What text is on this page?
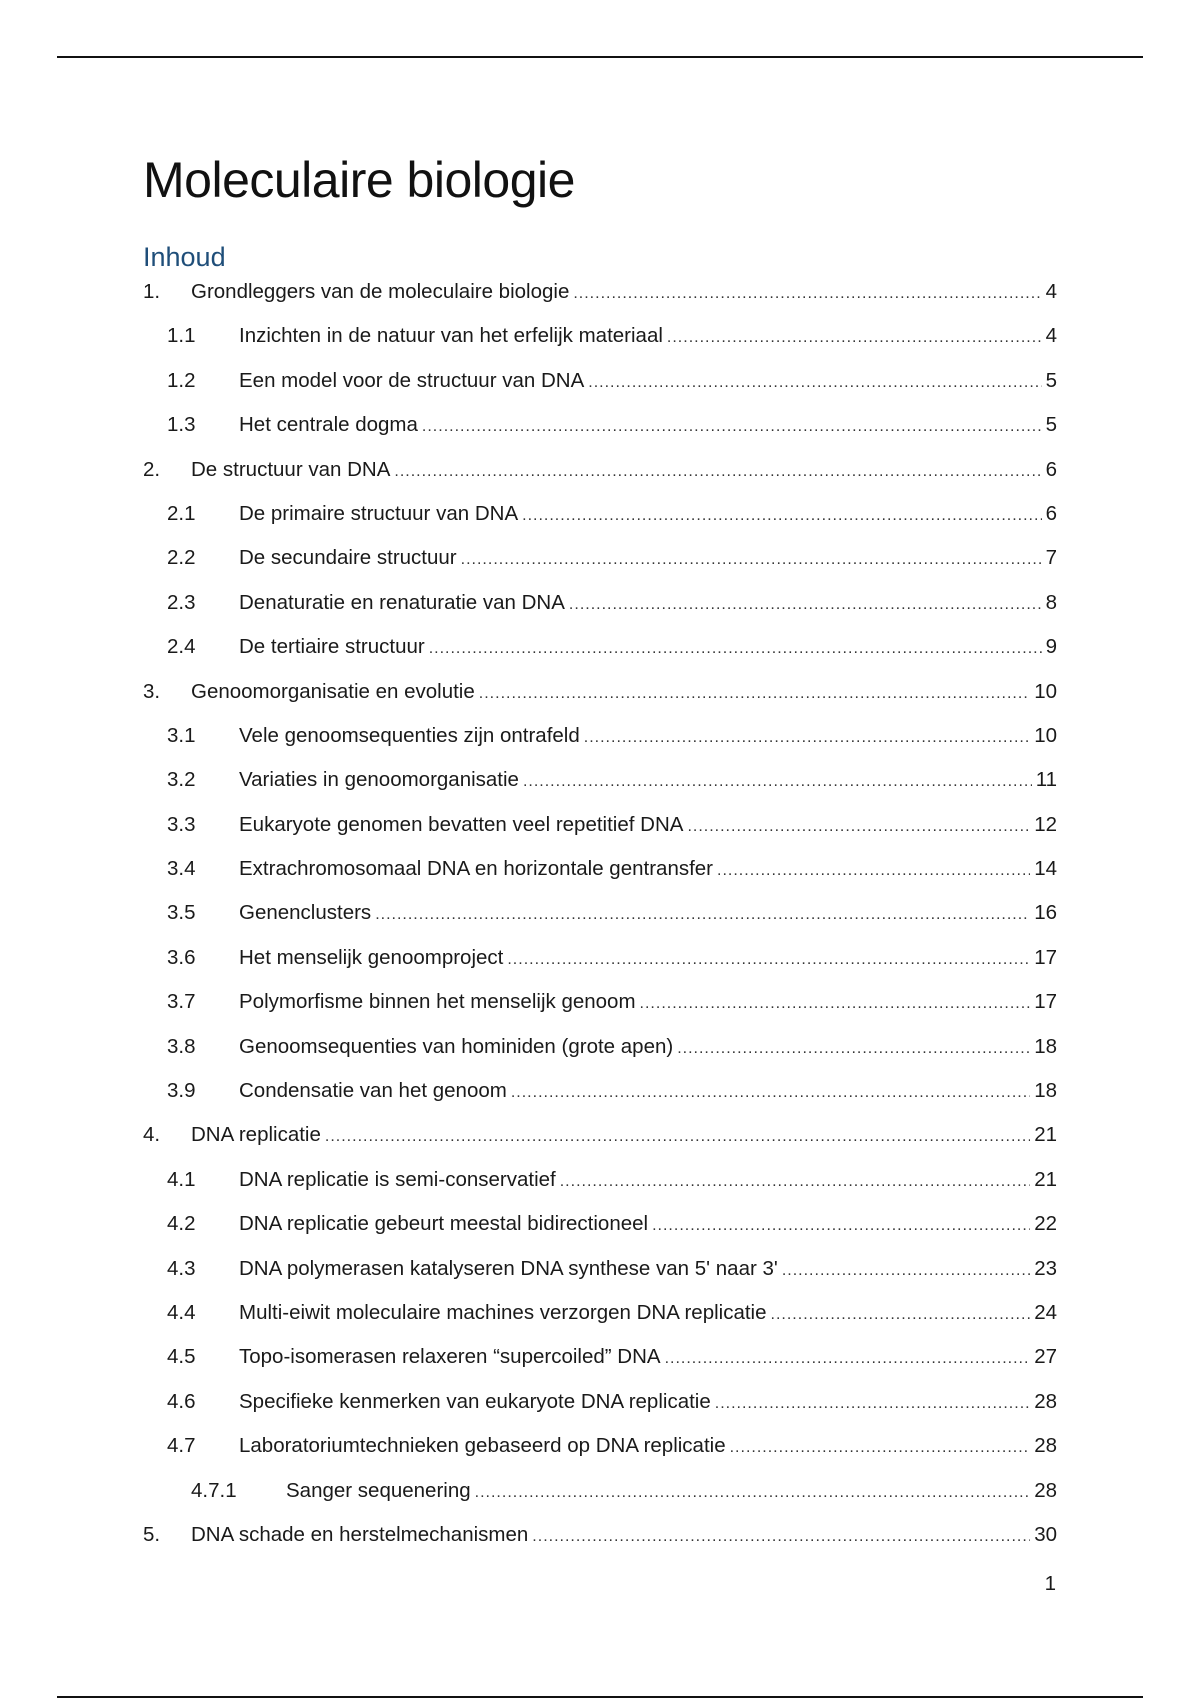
Moleculaire biologie
Inhoud
1.	Grondleggers van de moleculaire biologie .....	4
1.1	Inzichten in de natuur van het erfelijk materiaal .....	4
1.2	Een model voor de structuur van DNA .....	5
1.3	Het centrale dogma .....	5
2.	De structuur van DNA .....	6
2.1	De primaire structuur van DNA .....	6
2.2	De secundaire structuur .....	7
2.3	Denaturatie en renaturatie van DNA .....	8
2.4	De tertiaire structuur .....	9
3.	Genoomorganisatie en evolutie .....	10
3.1	Vele genoomsequenties zijn ontrafeld .....	10
3.2	Variaties in genoomorganisatie .....	11
3.3	Eukaryote genomen bevatten veel repetitief DNA .....	12
3.4	Extrachromosomaal DNA en horizontale gentransfer .....	14
3.5	Genenclusters .....	16
3.6	Het menselijk genoomproject .....	17
3.7	Polymorfisme binnen het menselijk genoom .....	17
3.8	Genoomsequenties van hominiden (grote apen) .....	18
3.9	Condensatie van het genoom .....	18
4.	DNA replicatie .....	21
4.1	DNA replicatie is semi-conservatief .....	21
4.2	DNA replicatie gebeurt meestal bidirectioneel .....	22
4.3	DNA polymerasen katalyseren DNA synthese van 5' naar 3' .....	23
4.4	Multi-eiwit moleculaire machines verzorgen DNA replicatie .....	24
4.5	Topo-isomerasen relaxeren “supercoiled” DNA .....	27
4.6	Specifieke kenmerken van eukaryote DNA replicatie .....	28
4.7	Laboratoriumtechnieken gebaseerd op DNA replicatie .....	28
4.7.1	Sanger sequenering .....	28
5.	DNA schade en herstelmechanismen .....	30
1
